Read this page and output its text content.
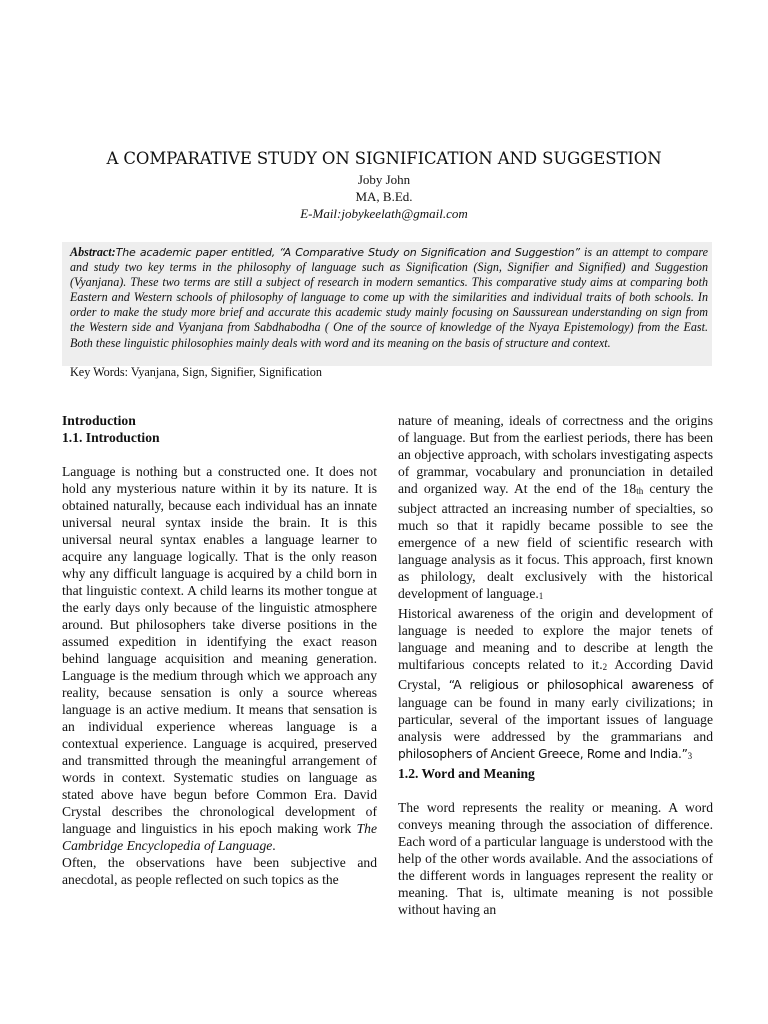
A COMPARATIVE STUDY ON SIGNIFICATION AND SUGGESTION
Joby John
MA, B.Ed.
E-Mail:jobykeelath@gmail.com

Abstract:The academic paper entitled, “A Comparative Study on Signification and Suggestion” is an attempt to compare and study two key terms in the philosophy of language such as Signification (Sign, Signifier and Signified) and Suggestion (Vyanjana). These two terms are still a subject of research in modern semantics. This comparative study aims at comparing both Eastern and Western schools of philosophy of language to come up with the similarities and individual traits of both schools. In order to make the study more brief and accurate this academic study mainly focusing on Saussurean understanding on sign from the Western side and Vyanjana from Sabdhabodha ( One of the source of knowledge of the Nyaya Epistemology) from the East. Both these linguistic philosophies mainly deals with word and its meaning on the basis of structure and context.

Key Words: Vyanjana, Sign, Signifier, Signification

Introduction

1.1. Introduction

Language is nothing but a constructed one. It does not hold any mysterious nature within it by its nature. It is obtained naturally, because each individual has an innate universal neural syntax inside the brain. It is this universal neural syntax enables a language learner to acquire any language logically. That is the only reason why any difficult language is acquired by a child born in that linguistic context. A child learns its mother tongue at the early days only because of the linguistic atmosphere around. But philosophers take diverse positions in the assumed expedition in identifying the exact reason behind language acquisition and meaning generation. Language is the medium through which we approach any reality, because sensation is only a source whereas language is an active medium. It means that sensation is an individual experience whereas language is a contextual experience. Language is acquired, preserved and transmitted through the meaningful arrangement of words in context. Systematic studies on language as stated above have begun before Common Era. David Crystal describes the chronological development of language and linguistics in his epoch making work The Cambridge Encyclopedia of Language.

Often, the observations have been subjective and anecdotal, as people reflected on such topics as the

nature of meaning, ideals of correctness and the origins of language. But from the earliest periods, there has been an objective approach, with scholars investigating aspects of grammar, vocabulary and pronunciation in detailed and organized way. At the end of the 18th century the subject attracted an increasing number of specialties, so much so that it rapidly became possible to see the emergence of a new field of scientific research with language analysis as it focus. This approach, first known as philology, dealt exclusively with the historical development of language.1

Historical awareness of the origin and development of language is needed to explore the major tenets of language and meaning and to describe at length the multifarious concepts related to it.2 According David Crystal, “A religious or philosophical awareness of language can be found in many early civilizations; in particular, several of the important issues of language analysis were addressed by the grammarians and philosophers of Ancient Greece, Rome and India.”3

1.2. Word and Meaning

The word represents the reality or meaning. A word conveys meaning through the association of difference. Each word of a particular language is understood with the help of the other words available. And the associations of the different words in languages represent the reality or meaning. That is, ultimate meaning is not possible without having an
